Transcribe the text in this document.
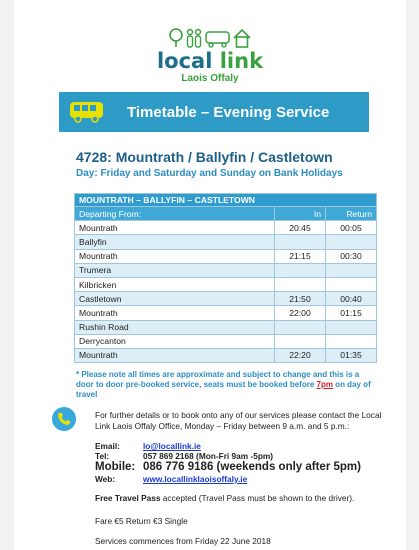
local link
Laois Offaly
Timetable – Evening Service
4728: Mountrath / Ballyfin / Castletown
Day: Friday and Saturday and Sunday on Bank Holidays
MOUNTRATH – BALLYFIN – CASTLETOWN		
Departing From:	In	Return
Mountrath	20:45	00:05
Ballyfin		
Mountrath	21:15	00:30
Trumera		
Kilbricken		
Castletown	21:50	00:40
Mountrath	22:00	01:15
Rushin Road		
Derrycanton		
Mountrath	22:20	01:35
* Please note all times are approximate and subject to change and this is a door to door pre-booked service, seats must be booked before 7pm on day of travel
For further details or to book onto any of our services please contact the Local Link Laois Offaly Office, Monday – Friday between 9 a.m. and 5 p.m.:
Email:	lo@locallink.ie
Tel:	057 869 2168 (Mon-Fri 9am -5pm)
Mobile: 086 776 9186 (weekends only after 5pm)
Web:	www.locallinklaoisoffaly.ie
Free Travel Pass accepted (Travel Pass must be shown to the driver).
Fare €5 Return €3 Single
Services commences from Friday 22 June 2018
